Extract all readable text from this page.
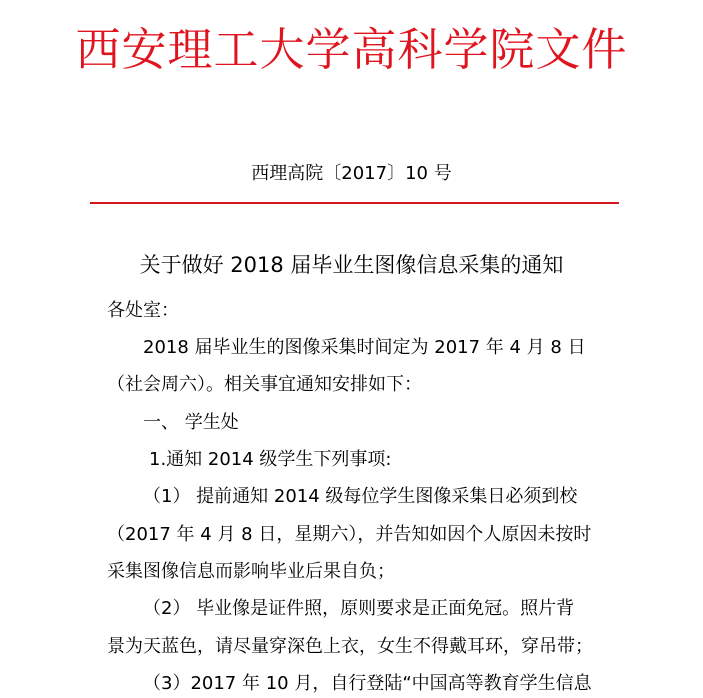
西安理工大学高科学院文件
西理高院〔2017〕10 号
关于做好 2018 届毕业生图像信息采集的通知
各处室：
2018 届毕业生的图像采集时间定为 2017 年 4 月 8 日
（社会周六）。相关事宜通知安排如下：
一、 学生处
1.通知 2014 级学生下列事项:
（1） 提前通知 2014 级每位学生图像采集日必须到校
（2017 年 4 月 8 日，星期六），并告知如因个人原因未按时
采集图像信息而影响毕业后果自负；
（2） 毕业像是证件照，原则要求是正面免冠。照片背
景为天蓝色，请尽量穿深色上衣，女生不得戴耳环，穿吊带；
（3）2017 年 10 月，自行登陆“中国高等教育学生信息
